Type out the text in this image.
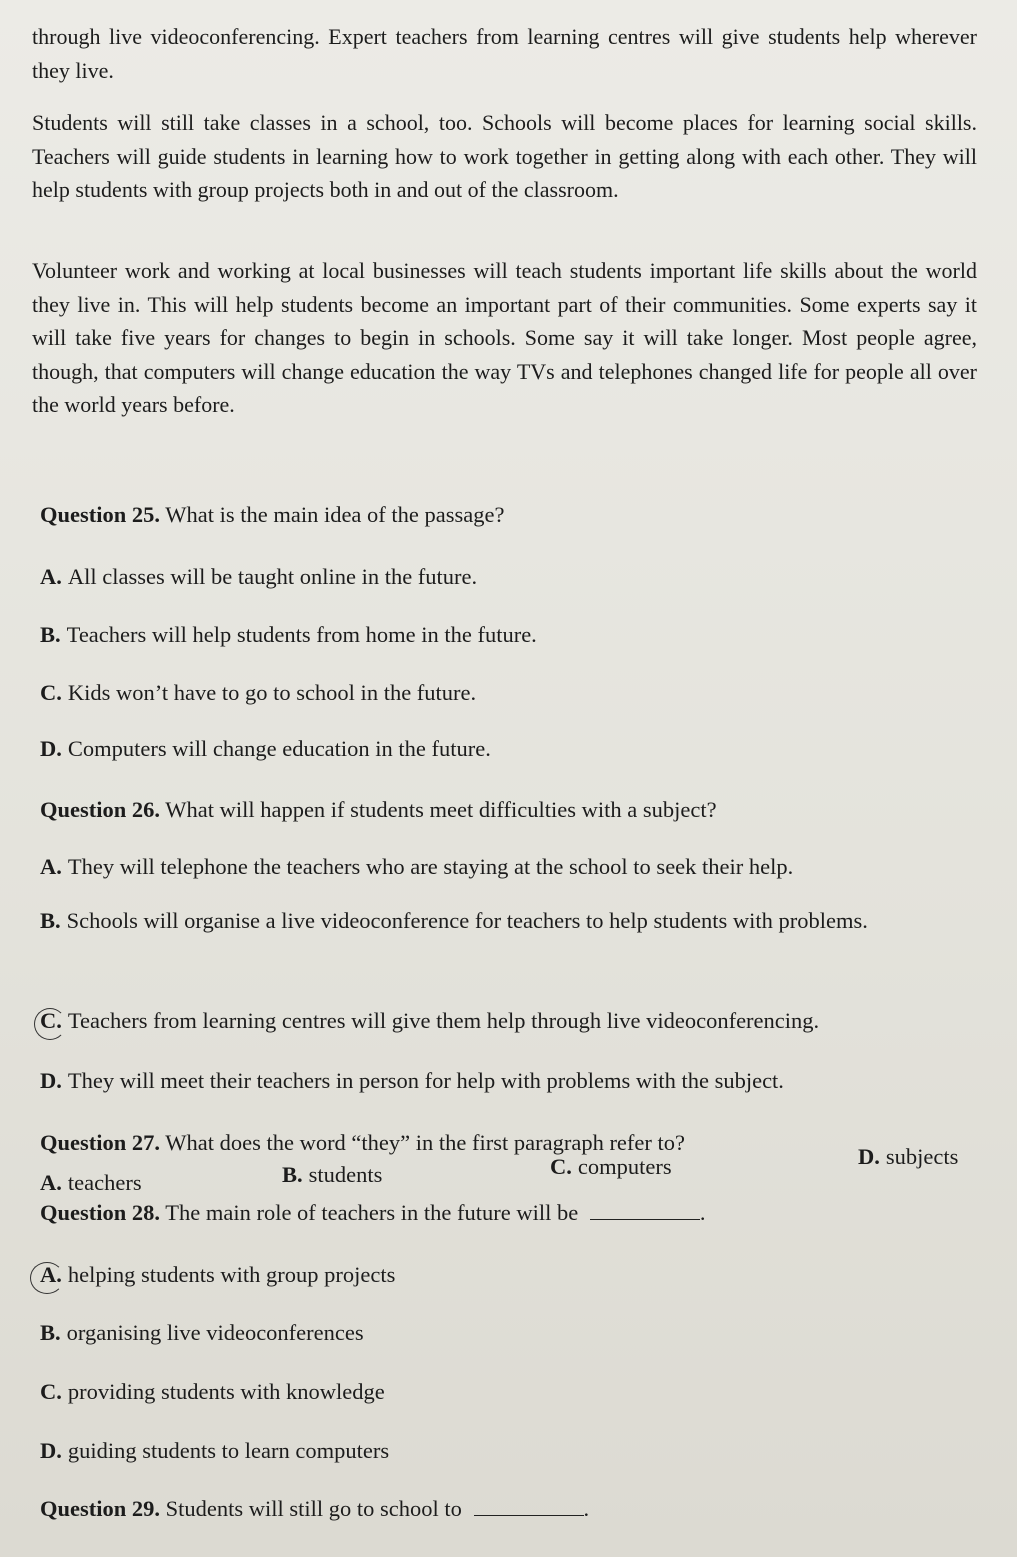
through live videoconferencing. Expert teachers from learning centres will give students help wherever they live.

Students will still take classes in a school, too. Schools will become places for learning social skills. Teachers will guide students in learning how to work together in getting along with each other. They will help students with group projects both in and out of the classroom.

Volunteer work and working at local businesses will teach students important life skills about the world they live in. This will help students become an important part of their communities. Some experts say it will take five years for changes to begin in schools. Some say it will take longer. Most people agree, though, that computers will change education the way TVs and telephones changed life for people all over the world years before.

Question 25. What is the main idea of the passage?

A. All classes will be taught online in the future.

B. Teachers will help students from home in the future.

C. Kids won’t have to go to school in the future.

D. Computers will change education in the future.

Question 26. What will happen if students meet difficulties with a subject?

A. They will telephone the teachers who are staying at the school to seek their help.

B. Schools will organise a live videoconference for teachers to help students with problems.

C. Teachers from learning centres will give them help through live videoconferencing.

D. They will meet their teachers in person for help with problems with the subject.

Question 27. What does the word “they” in the first paragraph refer to?

A. teachers	B. students	C. computers	D. subjects

Question 28. The main role of teachers in the future will be	.

A. helping students with group projects

B. organising live videoconferences

C. providing students with knowledge

D. guiding students to learn computers

Question 29. Students will still go to school to	.
